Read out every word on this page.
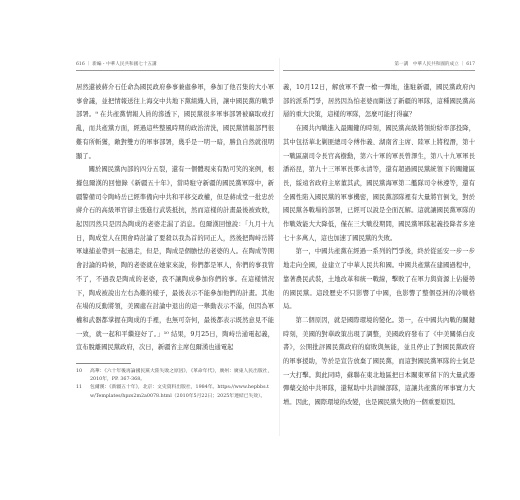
616 ｜ 新編・中華人民共和國七十五講

居然還被蔣介石任命為國民政府參事兼處參軍，參加了他召集的大小軍事會議，並把情報送往上海交中共地下黨組織人員，讓中國民黨的戰爭部署。⁹ 在共產黨情報人員的滲透下，國民黨很多軍事部署被竊取或打亂，而共產黨方面，經過這些整風時期的政治清洗，國民黨情報部門很難有所斬獲，敵對雙方的軍事部署，幾乎是一明一暗，勝負自然就很明顯了。

關於國民黨內部的四分五裂，還有一個體現來有點可笑的案例，根據包爾漢的回憶錄《新疆五十年》，當時駐守新疆的國民黨軍隊中，新疆警備司令陶峙岳已經準備向中共和平移交政權，但是蔣成堂一批忠於蔣介石的高級軍官卻主張進行武裝抵抗，然而這樣的計畫最後被致敗，起因因然只是因為陶成的老婆走漏了消息。包爾漢回憶說：「九月十九日，陶成堂人在開會時討論了要殺以我為首的同正人，然後把陶峙岳將軍連捕並帶到一起過走，但是，陶成是個膽怯的老婆的人。在陶成等開會討論的時候，陶的老婆就在她家來說，你們都是軍人，你們的事我管不了，不過我是陶成的老婆，我不讓陶成參加你們的事。在這樣情況下，陶成被說出左右為難的樣子，最後表示不能參加他們的計畫。其他在場的反動將領，美國處在討論中退出的這一舉動表示不滿，但因為軍權和武器都掌握在陶成的手裡，也無可奈何，最後都表示既然意見不能一致，就一起和平繼迎好了。」¹⁰ 結果，9月25日，陶峙岳通電起義，宣布脫離國民黨政府，次日，新疆省主席包爾漢也通電起

10	高華：《六十年後再論國民黨大陸失敗之原因》，《革命年代》，廣州：廣東人民出版社，2010年，PP. 367-368。
11	包爾漢：《新疆五十年》，北京：文史資料出版社，1984年。https://www.hepbbs.tw/Templates/hpzs2m2a0078.html（2010年5月22日；2025年連結已失效）。
第一講　中華人民共和國的成立 ｜ 617

義，10月12日，解放軍不費一槍一彈地，進駐新疆，國民黨政府內部的派系鬥爭，居然因為怕老婆而斷送了新疆的軍隊，這種國民黨高層的重大決策，這樣的軍隊，怎麼可能打得贏？

在國共內戰進入最關鍵的時刻，國民黨高級將領紛紛率部投降，其中包括華北剿匪總司令傅作義、湖南省主席、陸軍上將程潛，第十一戰區副司令長官高樹勳，第六十軍的軍長曾澤生，第八十九軍軍長潘裕昆，第九十三軍軍長鄧永清等，還有超過國民黨統領下的關鍵區長，綏遠省政府主席董其武，國民黨海軍第二艦隊司令林遵等，還有全國性陷入國民黨的軍事機密，國民黨部隊裡有大量將官倒戈，對於國民黨各戰場的部署，已經可以說是全面瓦解。這就讓國民黨軍隊的作戰效能大大降低，僅在三大戰役期間，國民黨軍隊起義投降者多達七十多萬人，這也加速了國民黨的失敗。

第一，中國共產黨在經過一系列的鬥爭後，終於從延安一步一步地走向全國，並建立了中華人民共和國。中國共產黨在建國過程中，靠著農民武裝，土地改革和統一戰線，擊敗了在軍力與資源上佔優勢的國民黨。這段歷史不只影響了中國，也影響了整個亞洲的冷戰格局。

第二個原因，就是國際環境的變化。第一，在中國共內戰的關鍵時刻，美國的對華政策出現了調整，美國政府發布了《中美關係白皮書》，公開批評國民黨政府的腐敗與無能，並且停止了對國民黨政府的軍事援助，等於是宣告放棄了國民黨，而這對國民黨軍隊的士氣是一大打擊。與此同時，蘇聯在東北地區把日本關東軍留下的大量武器彈藥交給中共軍隊，還幫助中共訓練部隊，這讓共產黨的軍事實力大增。因此，國際環境的改變，也是國民黨失敗的一個重要原因。
